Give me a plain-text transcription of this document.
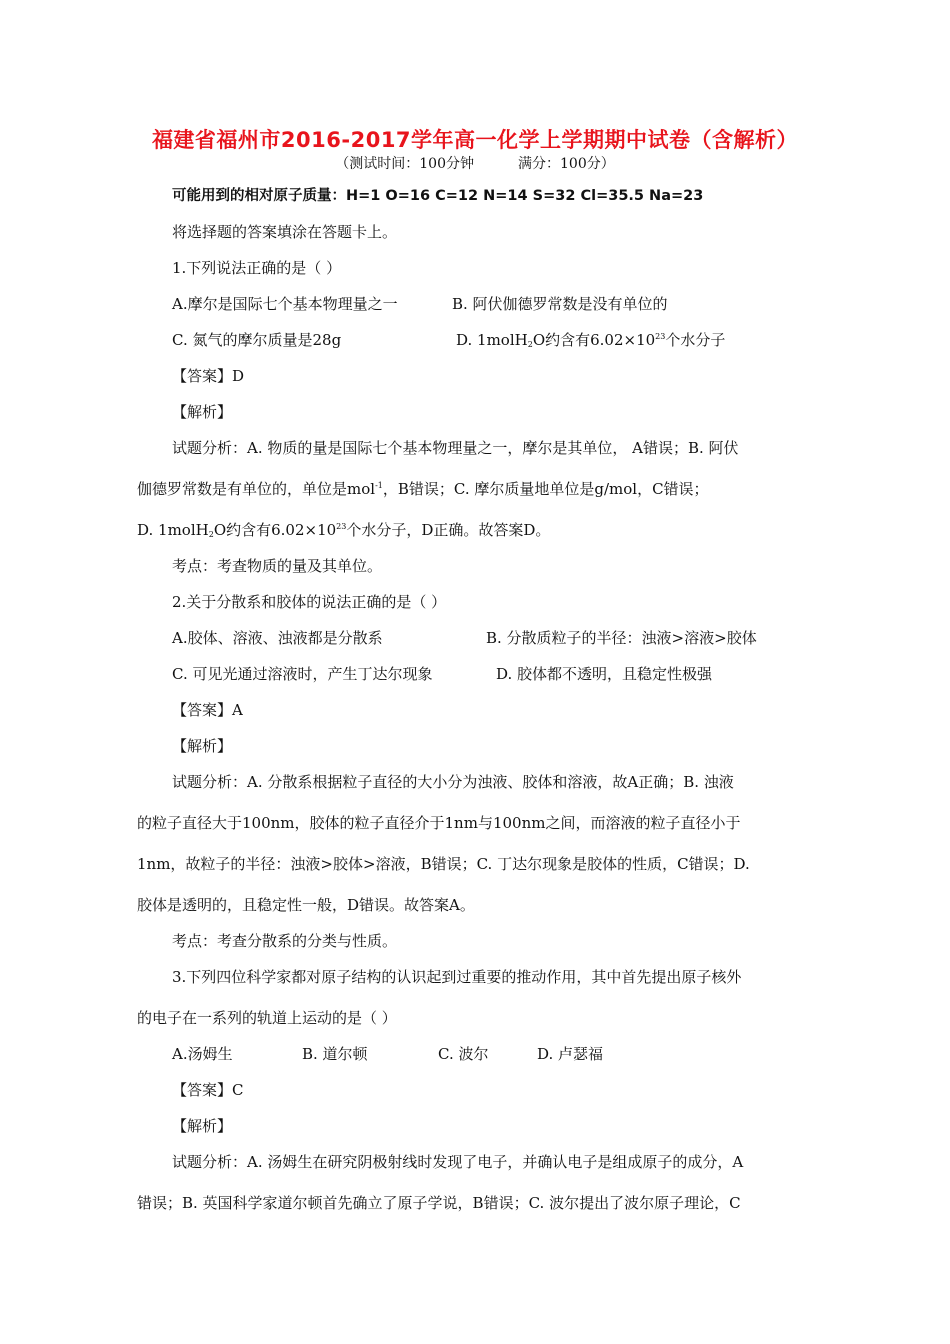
福建省福州市2016-2017学年高一化学上学期期中试卷（含解析）
（测试时间：100分钟	满分：100分）
可能用到的相对原子质量：H=1 O=16 C=12 N=14 S=32 Cl=35.5 Na=23
将选择题的答案填涂在答题卡上。
1.下列说法正确的是（ ）
A.摩尔是国际七个基本物理量之一	B. 阿伏伽德罗常数是没有单位的
C. 氮气的摩尔质量是28g	D. 1molH$_2$O约含有$6.02\times 10^{23}$个水分子
【答案】D
【解析】
试题分析：A. 物质的量是国际七个基本物理量之一，摩尔是其单位， A错误；B. 阿伏
伽德罗常数是有单位的，单位是mol$^{-1}$，B错误；C. 摩尔质量地单位是g/mol，C错误；
D. 1molH$_2$O约含有$6.02\times 10^{23}$个水分子，D正确。故答案D。
考点：考查物质的量及其单位。
2.关于分散系和胶体的说法正确的是（ ）
A.胶体、溶液、浊液都是分散系	B. 分散质粒子的半径：浊液>溶液>胶体
C. 可见光通过溶液时，产生丁达尔现象	D. 胶体都不透明，且稳定性极强
【答案】A
【解析】
试题分析：A. 分散系根据粒子直径的大小分为浊液、胶体和溶液，故A正确；B. 浊液
的粒子直径大于100nm，胶体的粒子直径介于1nm与100nm之间，而溶液的粒子直径小于
1nm，故粒子的半径：浊液>胶体>溶液，B错误；C. 丁达尔现象是胶体的性质，C错误；D.
胶体是透明的，且稳定性一般，D错误。故答案A。
考点：考查分散系的分类与性质。
3.下列四位科学家都对原子结构的认识起到过重要的推动作用，其中首先提出原子核外
的电子在一系列的轨道上运动的是（ ）
A.汤姆生	B. 道尔顿	C. 波尔	D. 卢瑟福
【答案】C
【解析】
试题分析：A. 汤姆生在研究阴极射线时发现了电子，并确认电子是组成原子的成分，A
错误；B. 英国科学家道尔顿首先确立了原子学说，B错误；C. 波尔提出了波尔原子理论，C
